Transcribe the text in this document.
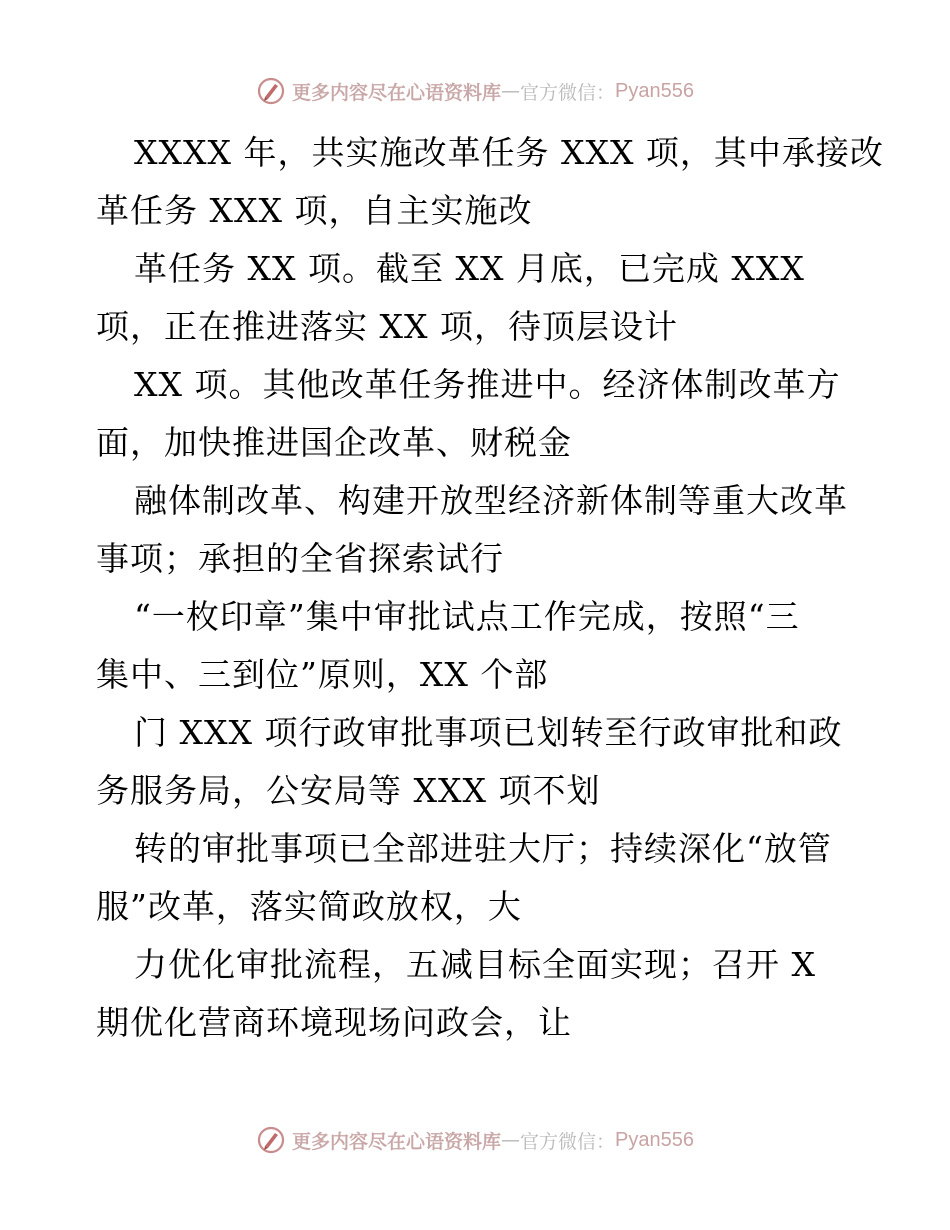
更多内容尽在心语资料库 — 官方微信： Pyan556
XXXX 年，共实施改革任务 XXX 项，其中承接改
革任务 XXX 项，自主实施改
革任务 XX 项。截至 XX 月底，已完成 XXX
项，正在推进落实 XX 项，待顶层设计
XX 项。其他改革任务推进中。经济体制改革方
面，加快推进国企改革、财税金
融体制改革、构建开放型经济新体制等重大改革
事项；承担的全省探索试行
“一枚印章”集中审批试点工作完成，按照“三
集中、三到位”原则，XX 个部
门 XXX 项行政审批事项已划转至行政审批和政
务服务局，公安局等 XXX 项不划
转的审批事项已全部进驻大厅；持续深化“放管
服”改革，落实简政放权，大
力优化审批流程，五减目标全面实现；召开 X
期优化营商环境现场问政会，让
更多内容尽在心语资料库 — 官方微信： Pyan556
